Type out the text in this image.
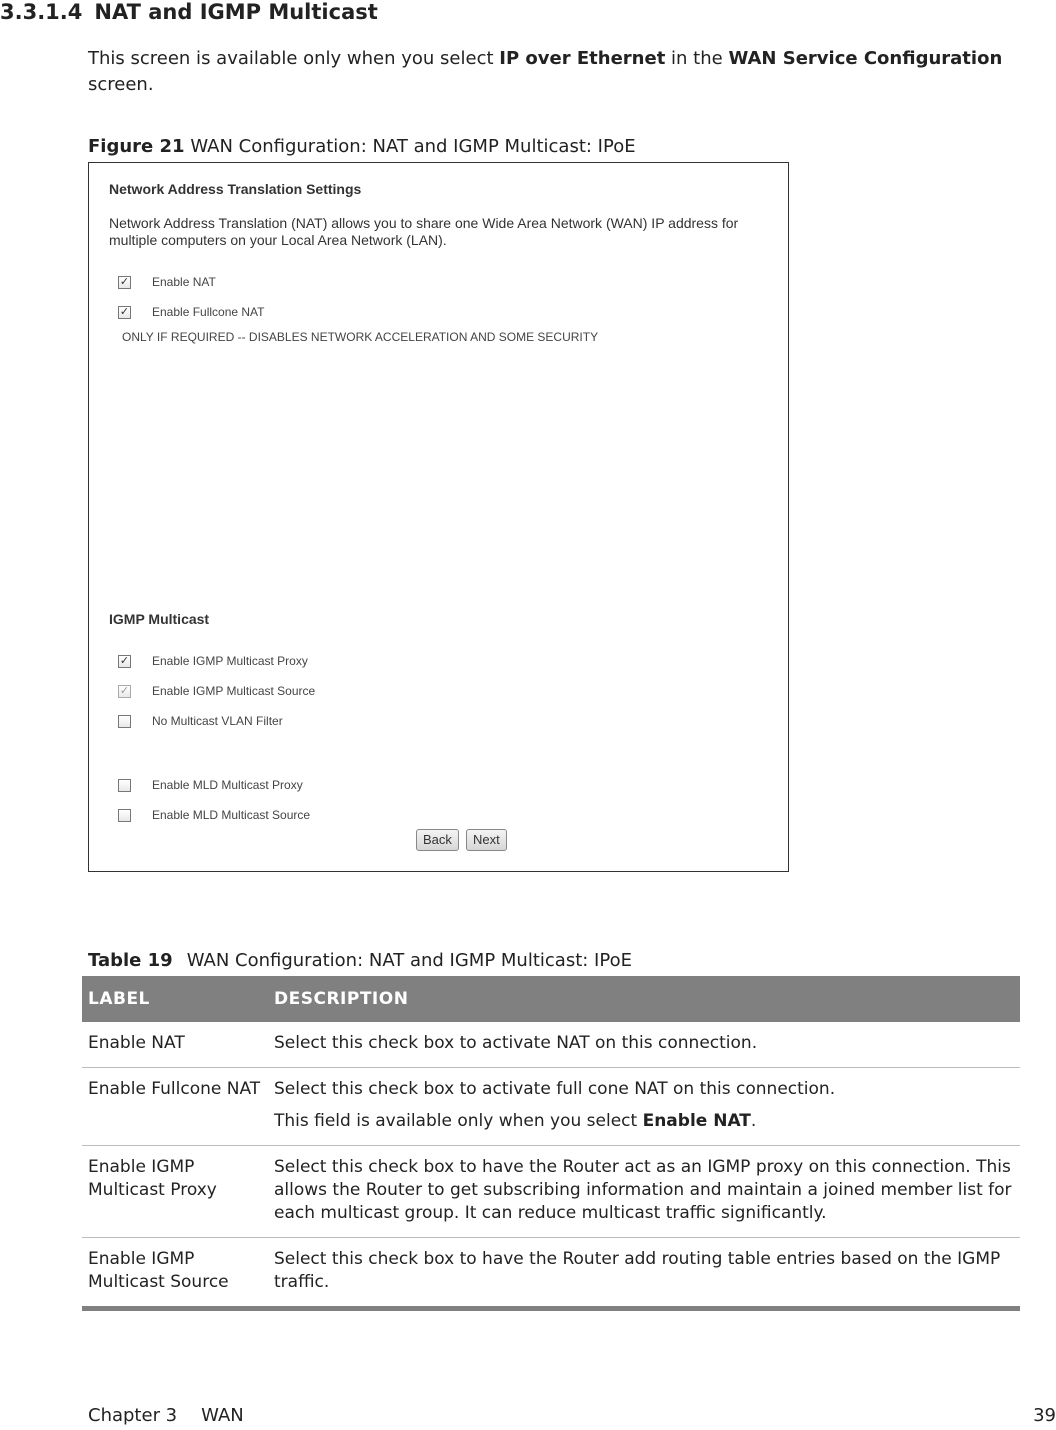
3.3.1.4 NAT and IGMP Multicast
This screen is available only when you select IP over Ethernet in the WAN Service Configuration screen.
Figure 21 WAN Configuration: NAT and IGMP Multicast: IPoE
Network Address Translation Settings
Network Address Translation (NAT) allows you to share one Wide Area Network (WAN) IP address for multiple computers on your Local Area Network (LAN).
✓ Enable NAT
✓ Enable Fullcone NAT
ONLY IF REQUIRED -- DISABLES NETWORK ACCELERATION AND SOME SECURITY
IGMP Multicast
✓ Enable IGMP Multicast Proxy
✓ Enable IGMP Multicast Source
No Multicast VLAN Filter
Enable MLD Multicast Proxy
Enable MLD Multicast Source
Back	Next
Table 19 WAN Configuration: NAT and IGMP Multicast: IPoE
LABEL	DESCRIPTION
Enable NAT	Select this check box to activate NAT on this connection.
Enable Fullcone NAT	Select this check box to activate full cone NAT on this connection.
This field is available only when you select Enable NAT.

Enable IGMP Multicast Proxy	Select this check box to have the Router act as an IGMP proxy on this connection. This allows the Router to get subscribing information and maintain a joined member list for each multicast group. It can reduce multicast traffic significantly.
Enable IGMP Multicast Source	Select this check box to have the Router add routing table entries based on the IGMP traffic.
Chapter 3 WAN	39
